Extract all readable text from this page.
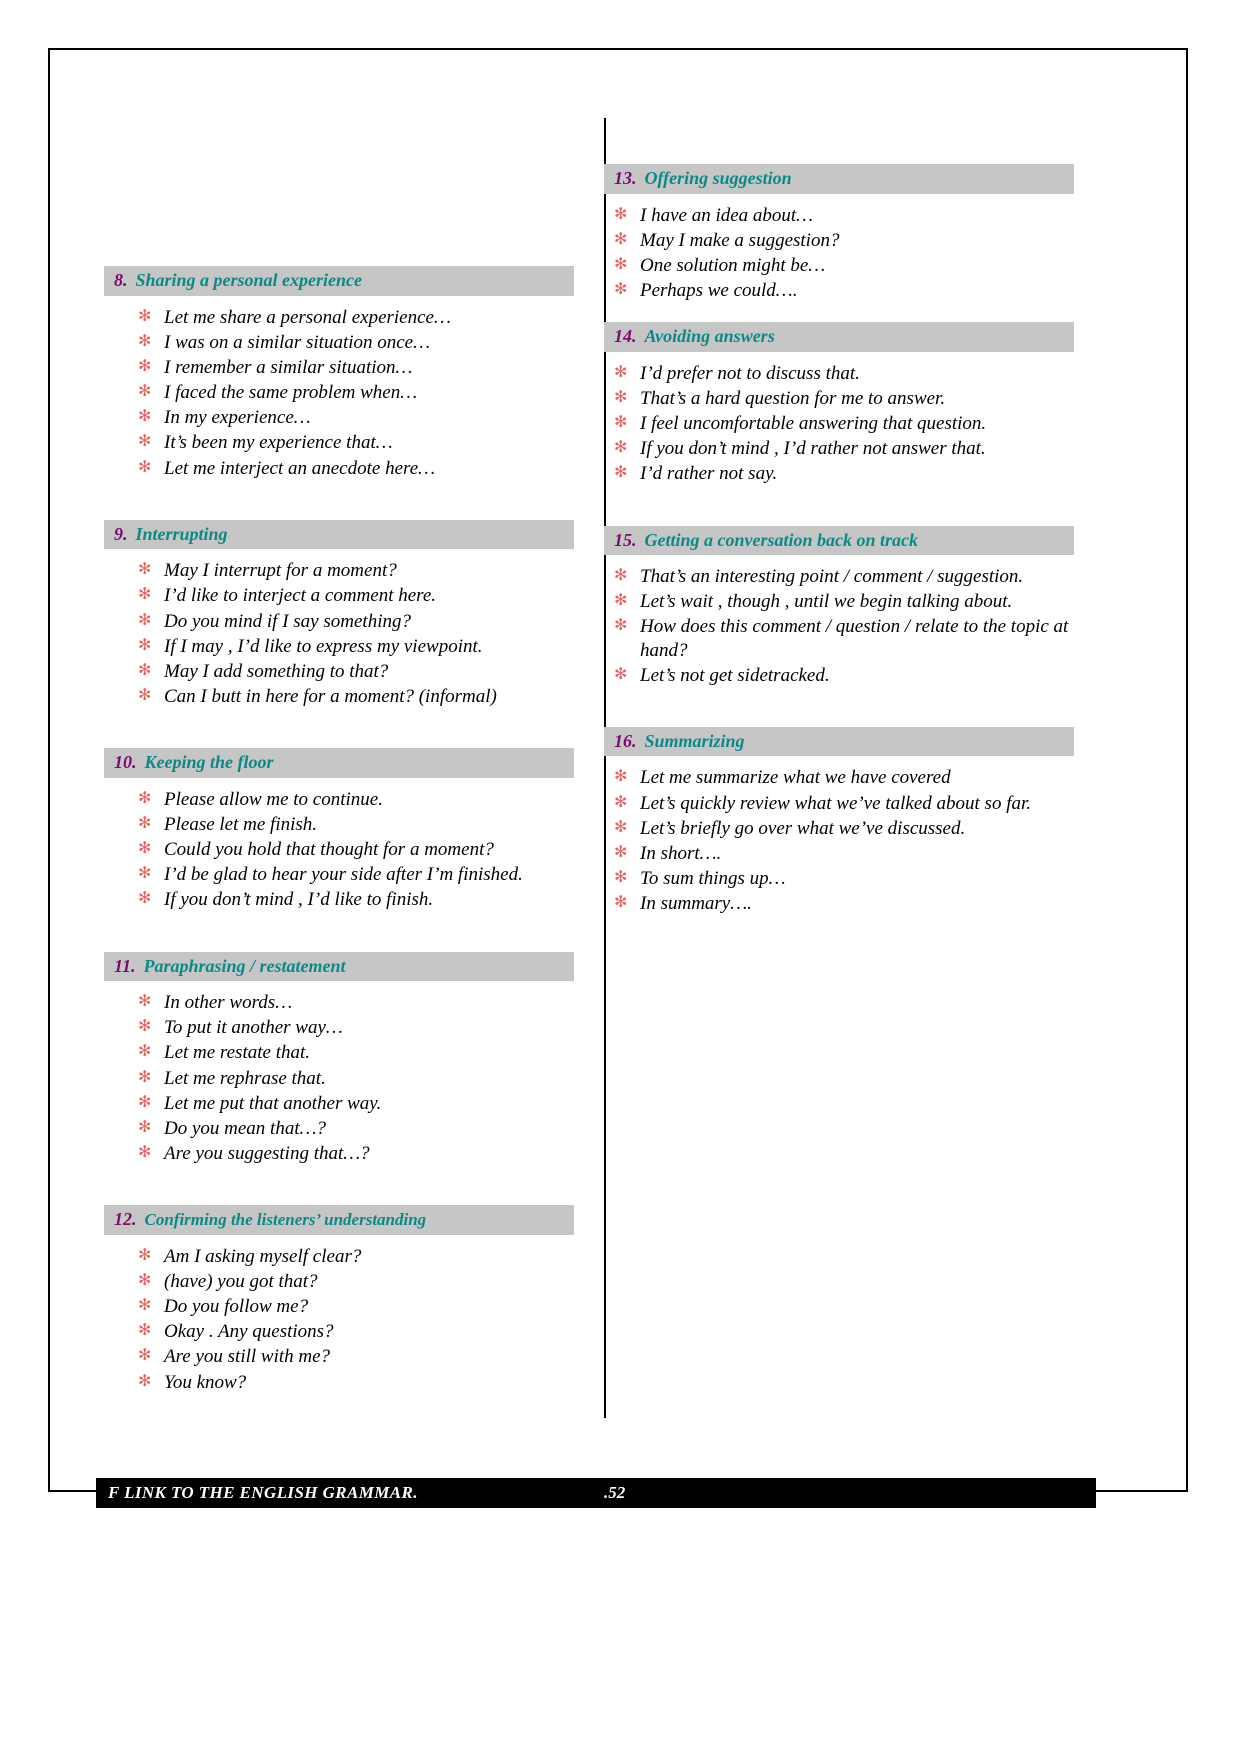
8. Sharing a personal experience
✻ Let me share a personal experience…
✻ I was on a similar situation once…
✻ I remember a similar situation…
✻ I faced the same problem when…
✻ In my experience…
✻ It’s been my experience that…
✻ Let me interject an anecdote here…
9. Interrupting
✻ May I interrupt for a moment?
✻ I’d like to interject a comment here.
✻ Do you mind if I say something?
✻ If I may , I’d like to express my viewpoint.
✻ May I add something to that?
✻ Can I butt in here for a moment? (informal)
10. Keeping the floor
✻ Please allow me to continue.
✻ Please let me finish.
✻ Could you hold that thought for a moment?
✻ I’d be glad to hear your side after I’m finished.
✻ If you don’t mind , I’d like to finish.
11. Paraphrasing / restatement
✻ In other words…
✻ To put it another way…
✻ Let me restate that.
✻ Let me rephrase that.
✻ Let me put that another way.
✻ Do you mean that…?
✻ Are you suggesting that…?
12. Confirming the listeners’ understanding
✻ Am I asking myself clear?
✻ (have) you got that?
✻ Do you follow me?
✻ Okay . Any questions?
✻ Are you still with me?
✻ You know?
13. Offering suggestion
✻ I have an idea about…
✻ May I make a suggestion?
✻ One solution might be…
✻ Perhaps we could….
14. Avoiding answers
✻ I’d prefer not to discuss that.
✻ That’s a hard question for me to answer.
✻ I feel uncomfortable answering that question.
✻ If you don’t mind , I’d rather not answer that.
✻ I’d rather not say.
15. Getting a conversation back on track
✻ That’s an interesting point / comment / suggestion.
✻ Let’s wait , though , until we begin talking about.
✻ How does this comment / question / relate to the topic at hand?
✻ Let’s not get sidetracked.
16. Summarizing
✻ Let me summarize what we have covered
✻ Let’s quickly review what we’ve talked about so far.
✻ Let’s briefly go over what we’ve discussed.
✻ In short….
✻ To sum things up…
✻ In summary….
F LINK TO THE ENGLISH GRAMMAR.	.52
